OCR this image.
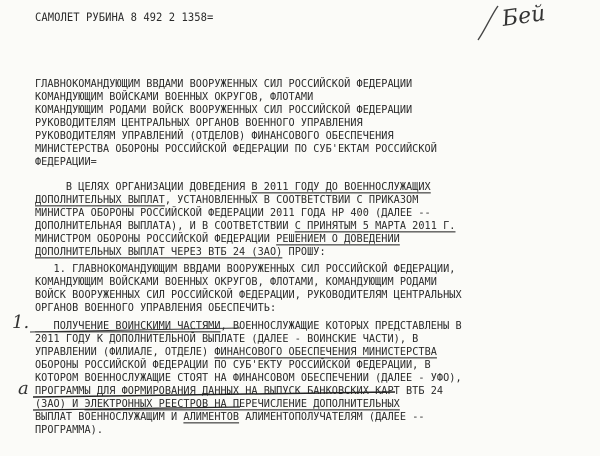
САМОЛЕТ РУБИНА 8 492 2 1358=	Бей
ГЛАВНОКОМАНДУЮЩИМ ВВДАМИ ВООРУЖЕННЫХ СИЛ РОССИЙСКОЙ ФЕДЕРАЦИИ
КОМАНДУЮЩИМ ВОЙСКАМИ ВОЕННЫХ ОКРУГОВ, ФЛОТАМИ
КОМАНДУЮЩИМ РОДАМИ ВОЙСК ВООРУЖЕННЫХ СИЛ РОССИЙСКОЙ ФЕДЕРАЦИИ
РУКОВОДИТЕЛЯМ ЦЕНТРАЛЬНЫХ ОРГАНОВ ВОЕННОГО УПРАВЛЕНИЯ
РУКОВОДИТЕЛЯМ УПРАВЛЕНИЙ (ОТДЕЛОВ) ФИНАНСОВОГО ОБЕСПЕЧЕНИЯ
МИНИСТЕРСТВА ОБОРОНЫ РОССИЙСКОЙ ФЕДЕРАЦИИ ПО СУБ'ЕКТАМ РОССИЙСКОЙ
ФЕДЕРАЦИИ=
В ЦЕЛЯХ ОРГАНИЗАЦИИ ДОВЕДЕНИЯ В 2011 ГОДУ ДО ВОЕННОСЛУЖАЩИХ
ДОПОЛНИТЕЛЬНЫХ ВЫПЛАТ, УСТАНОВЛЕННЫХ В СООТВЕТСТВИИ С ПРИКАЗОМ
МИНИСТРА ОБОРОНЫ РОССИЙСКОЙ ФЕДЕРАЦИИ 2011 ГОДА НР 400 (ДАЛЕЕ --
ДОПОЛНИТЕЛЬНАЯ ВЫПЛАТА), И В СООТВЕТСТВИИ С ПРИНЯТЫМ 5 МАРТА 2011 Г.
МИНИСТРОМ ОБОРОНЫ РОССИЙСКОЙ ФЕДЕРАЦИИ РЕШЕНИЕМ О ДОВЕДЕНИИ
ДОПОЛНИТЕЛЬНЫХ ВЫПЛАТ ЧЕРЕЗ ВТБ 24 (ЗАО) ПРОШУ:
1. ГЛАВНОКОМАНДУЮЩИМ ВВДАМИ ВООРУЖЕННЫХ СИЛ РОССИЙСКОЙ ФЕДЕРАЦИИ,
КОМАНДУЮЩИМ ВОЙСКАМИ ВОЕННЫХ ОКРУГОВ, ФЛОТАМИ, КОМАНДУЮЩИМ РОДАМИ
ВОЙСК ВООРУЖЕННЫХ СИЛ РОССИЙСКОЙ ФЕДЕРАЦИИ, РУКОВОДИТЕЛЯМ ЦЕНТРАЛЬНЫХ
ОРГАНОВ ВОЕННОГО УПРАВЛЕНИЯ ОБЕСПЕЧИТЬ:
ПОЛУЧЕНИЕ ВОИНСКИМИ ЧАСТЯМИ, ВОЕННОСЛУЖАЩИЕ КОТОРЫХ ПРЕДСТАВЛЕНЫ В
2011 ГОДУ К ДОПОЛНИТЕЛЬНОЙ ВЫПЛАТЕ (ДАЛЕЕ - ВОИНСКИЕ ЧАСТИ), В
УПРАВЛЕНИИ (ФИЛИАЛЕ, ОТДЕЛЕ) ФИНАНСОВОГО ОБЕСПЕЧЕНИЯ МИНИСТЕРСТВА
ОБОРОНЫ РОССИЙСКОЙ ФЕДЕРАЦИИ ПО СУБ'ЕКТУ РОССИЙСКОЙ ФЕДЕРАЦИИ, В
КОТОРОМ ВОЕННОСЛУЖАЩИЕ СТОЯТ НА ФИНАНСОВОМ ОБЕСПЕЧЕНИИ (ДАЛЕЕ - УФО),
ПРОГРАММЫ ДЛЯ ФОРМИРОВАНИЯ ДАННЫХ НА ВЫПУСК БАНКОВСКИХ КАРТ ВТБ 24
(ЗАО) И ЭЛЕКТРОННЫХ РЕЕСТРОВ НА ПЕРЕЧИСЛЕНИЕ ДОПОЛНИТЕЛЬНЫХ
ВЫПЛАТ ВОЕННОСЛУЖАЩИМ И АЛИМЕНТОВ АЛИМЕНТОПОЛУЧАТЕЛЯМ (ДАЛЕЕ --
ПРОГРАММА).
1.
а
